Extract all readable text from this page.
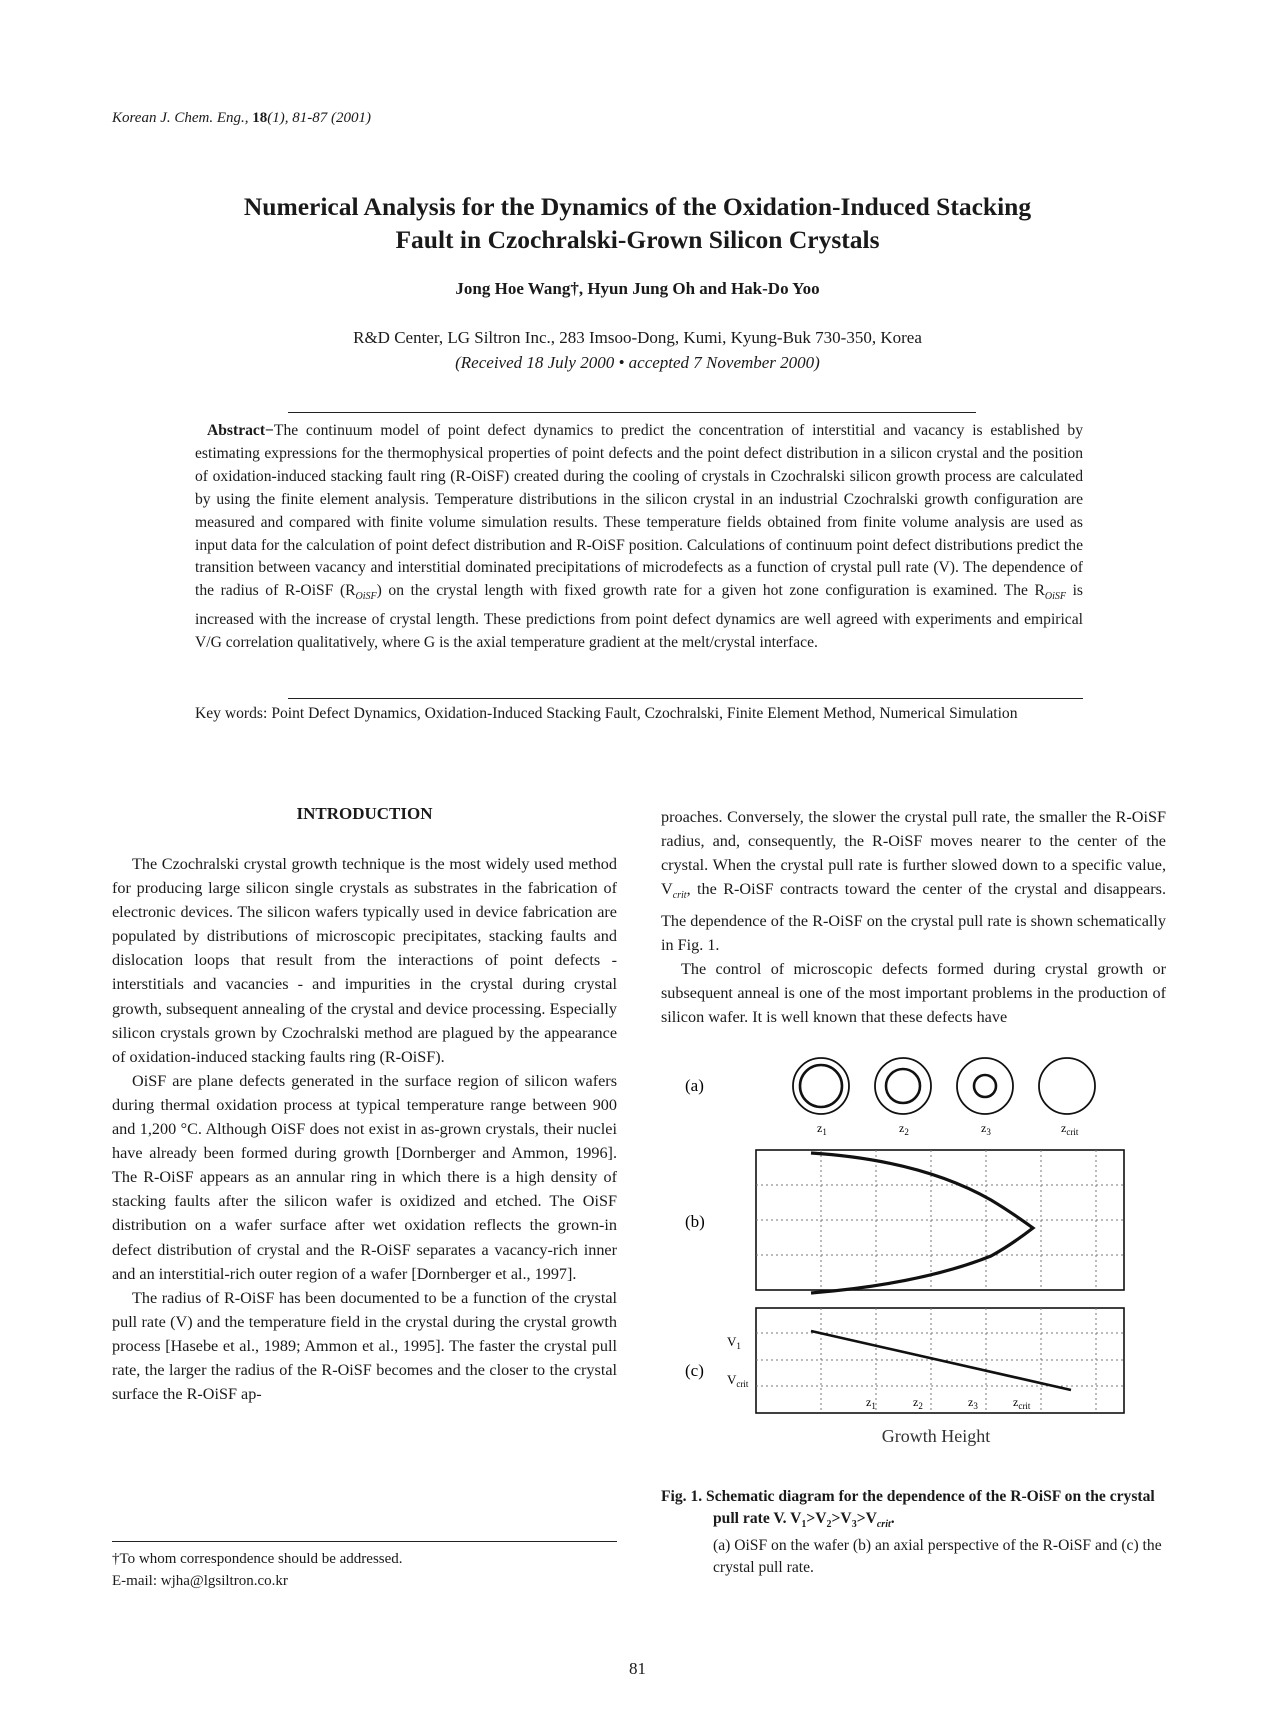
Korean J. Chem. Eng., 18(1), 81-87 (2001)
Numerical Analysis for the Dynamics of the Oxidation-Induced Stacking
Fault in Czochralski-Grown Silicon Crystals
Jong Hoe Wang†, Hyun Jung Oh and Hak-Do Yoo
R&D Center, LG Siltron Inc., 283 Imsoo-Dong, Kumi, Kyung-Buk 730-350, Korea
(Received 18 July 2000 • accepted 7 November 2000)
Abstract−The continuum model of point defect dynamics to predict the concentration of interstitial and vacancy is established by estimating expressions for the thermophysical properties of point defects and the point defect distribution in a silicon crystal and the position of oxidation-induced stacking fault ring (R-OiSF) created during the cooling of crystals in Czochralski silicon growth process are calculated by using the finite element analysis. Temperature distributions in the silicon crystal in an industrial Czochralski growth configuration are measured and compared with finite volume simulation results. These temperature fields obtained from finite volume analysis are used as input data for the calculation of point defect distribution and R-OiSF position. Calculations of continuum point defect distributions predict the transition between vacancy and interstitial dominated precipitations of microdefects as a function of crystal pull rate (V). The dependence of the radius of R-OiSF $(R_{OiSF})$ on the crystal length with fixed growth rate for a given hot zone configuration is examined. The $R_{OiSF}$ is increased with the increase of crystal length. These predictions from point defect dynamics are well agreed with experiments and empirical V/G correlation qualitatively, where G is the axial temperature gradient at the melt/crystal interface.
Key words: Point Defect Dynamics, Oxidation-Induced Stacking Fault, Czochralski, Finite Element Method, Numerical Simulation
INTRODUCTION

The Czochralski crystal growth technique is the most widely used method for producing large silicon single crystals as substrates in the fabrication of electronic devices. The silicon wafers typically used in device fabrication are populated by distributions of microscopic precipitates, stacking faults and dislocation loops that result from the interactions of point defects - interstitials and vacancies - and impurities in the crystal during crystal growth, subsequent annealing of the crystal and device processing. Especially silicon crystals grown by Czochralski method are plagued by the appearance of oxidation-induced stacking faults ring (R-OiSF).

OiSF are plane defects generated in the surface region of silicon wafers during thermal oxidation process at typical temperature range between 900 and 1,200 °C. Although OiSF does not exist in as-grown crystals, their nuclei have already been formed during growth [Dornberger and Ammon, 1996]. The R-OiSF appears as an annular ring in which there is a high density of stacking faults after the silicon wafer is oxidized and etched. The OiSF distribution on a wafer surface after wet oxidation reflects the grown-in defect distribution of crystal and the R-OiSF separates a vacancy-rich inner and an interstitial-rich outer region of a wafer [Dornberger et al., 1997].

The radius of R-OiSF has been documented to be a function of the crystal pull rate (V) and the temperature field in the crystal during the crystal growth process [Hasebe et al., 1989; Ammon et al., 1995]. The faster the crystal pull rate, the larger the radius of the R-OiSF becomes and the closer to the crystal surface the R-OiSF ap-

†To whom correspondence should be addressed.
E-mail: wjha@lgsiltron.co.kr

proaches. Conversely, the slower the crystal pull rate, the smaller the R-OiSF radius, and, consequently, the R-OiSF moves nearer to the center of the crystal. When the crystal pull rate is further slowed down to a specific value, $V_{crit}$, the R-OiSF contracts toward the center of the crystal and disappears. The dependence of the R-OiSF on the crystal pull rate is shown schematically in Fig. 1.

The control of microscopic defects formed during crystal growth or subsequent anneal is one of the most important problems in the production of silicon wafer. It is well known that these defects have

(a)
(b)
(c)
$z_1$	$z_2$	$z_3$	$z_{crit}$
$V_1$
$V_{crit}$
$z_1$	$z_2$	$z_3$	$z_{crit}$
Growth Height
Fig. 1. Schematic diagram for the dependence of the R-OiSF on the crystal pull rate V. $V_1>V_2>V_3>V_{crit}$.
(a) OiSF on the wafer (b) an axial perspective of the R-OiSF and (c) the crystal pull rate.
81
